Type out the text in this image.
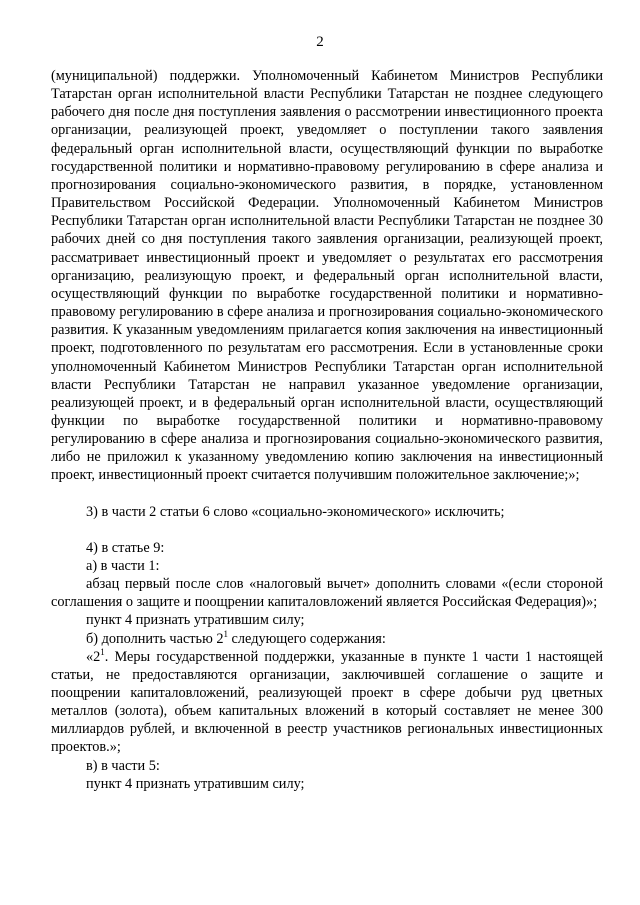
2

(муниципальной) поддержки. Уполномоченный Кабинетом Министров Республики Татарстан орган исполнительной власти Республики Татарстан не позднее следующего рабочего дня после дня поступления заявления о рассмотрении инвестиционного проекта организации, реализующей проект, уведомляет о поступлении такого заявления федеральный орган исполнительной власти, осуществляющий функции по выработке государственной политики и нормативно-правовому регулированию в сфере анализа и прогнозирования социально-экономического развития, в порядке, установленном Правительством Российской Федерации. Уполномоченный Кабинетом Министров Республики Татарстан орган исполнительной власти Республики Татарстан не позднее 30 рабочих дней со дня поступления такого заявления организации, реализующей проект, рассматривает инвестиционный проект и уведомляет о результатах его рассмотрения организацию, реализующую проект, и федеральный орган исполнительной власти, осуществляющий функции по выработке государственной политики и нормативно-правовому регулированию в сфере анализа и прогнозирования социально-экономического развития. К указанным уведомлениям прилагается копия заключения на инвестиционный проект, подготовленного по результатам его рассмотрения. Если в установленные сроки уполномоченный Кабинетом Министров Республики Татарстан орган исполнительной власти Республики Татарстан не направил указанное уведомление организации, реализующей проект, и в федеральный орган исполнительной власти, осуществляющий функции по выработке государственной политики и нормативно-правовому регулированию в сфере анализа и прогнозирования социально-экономического развития, либо не приложил к указанному уведомлению копию заключения на инвестиционный проект, инвестиционный проект считается получившим положительное заключение;»;

3) в части 2 статьи 6 слово «социально-экономического» исключить;

4) в статье 9:

а) в части 1:

абзац первый после слов «налоговый вычет» дополнить словами «(если стороной соглашения о защите и поощрении капиталовложений является Российская Федерация)»;

пункт 4 признать утратившим силу;

б) дополнить частью $2^1$ следующего содержания:

«$2^1$. Меры государственной поддержки, указанные в пункте 1 части 1 настоящей статьи, не предоставляются организации, заключившей соглашение о защите и поощрении капиталовложений, реализующей проект в сфере добычи руд цветных металлов (золота), объем капитальных вложений в который составляет не менее 300 миллиардов рублей, и включенной в реестр участников региональных инвестиционных проектов.»;

в) в части 5:

пункт 4 признать утратившим силу;
